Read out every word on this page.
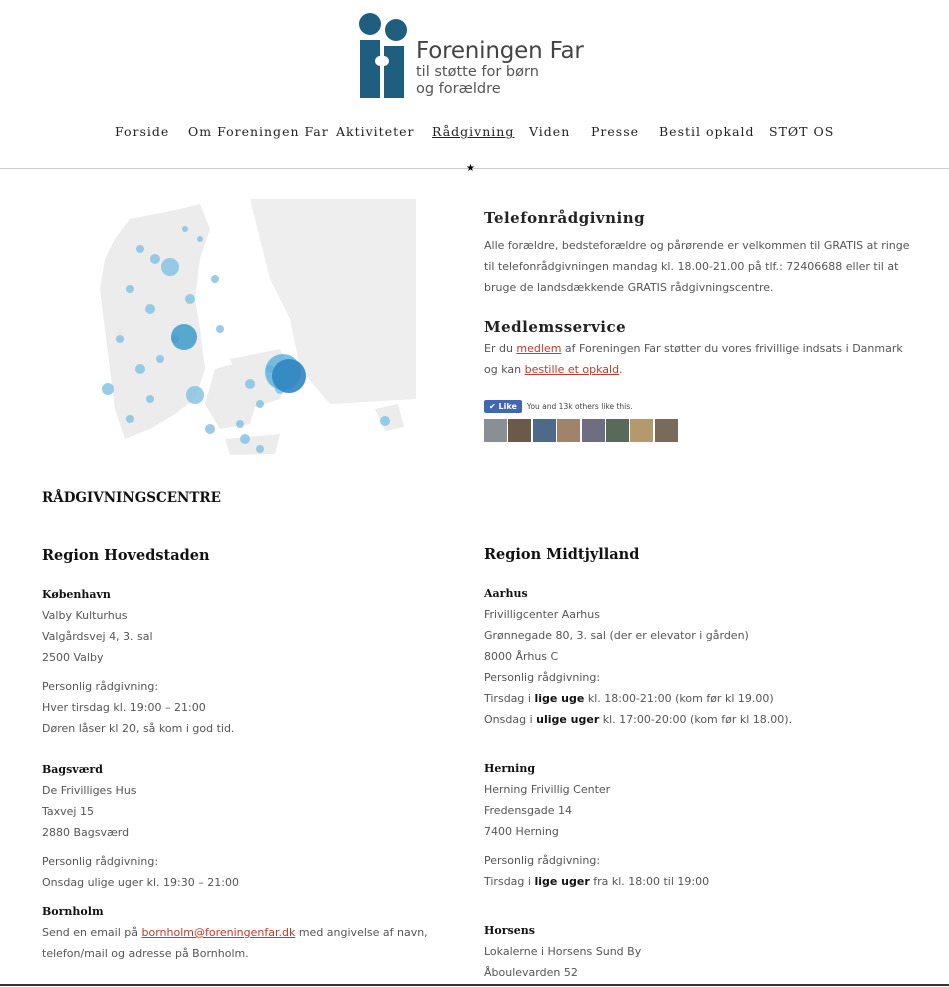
Foreningen Far
til støtte for børn
og forældre
Forside Om Foreningen Far Aktiviteter Rådgivning Viden Presse Bestil opkald STØT OS
★
Telefonrådgivning

Alle forældre, bedsteforældre og pårørende er velkommen til GRATIS at ringe til telefonrådgivningen mandag kl. 18.00-21.00 på tlf.: 72406688 eller til at bruge de landsdækkende GRATIS rådgivningscentre.

Medlemsservice

Er du medlem af Foreningen Far støtter du vores frivillige indsats i Danmark og kan bestille et opkald.

✔ Like	You and 13k others like this.
RÅDGIVNINGSCENTRE
Region Hovedstaden	Region Midtjylland
København
Valby Kulturhus
Valgårdsvej 4, 3. sal
2500 Valby
Personlig rådgivning:
Hver tirsdag kl. 19:00 – 21:00
Døren låser kl 20, så kom i god tid.
Bagsværd
De Frivilliges Hus
Taxvej 15
2880 Bagsværd
Personlig rådgivning:
Onsdag ulige uger kl. 19:30 – 21:00
Bornholm
Send en email på bornholm@foreningenfar.dk med angivelse af navn,
telefon/mail og adresse på Bornholm.
Aarhus
Frivilligcenter Aarhus
Grønnegade 80, 3. sal (der er elevator i gården)
8000 Århus C
Personlig rådgivning:
Tirsdag i lige uge kl. 18:00-21:00 (kom før kl 19.00)
Onsdag i ulige uger kl. 17:00-20:00 (kom før kl 18.00).
Herning
Herning Frivillig Center
Fredensgade 14
7400 Herning
Personlig rådgivning:
Tirsdag i lige uger fra kl. 18:00 til 19:00
Horsens
Lokalerne i Horsens Sund By
Åboulevarden 52
